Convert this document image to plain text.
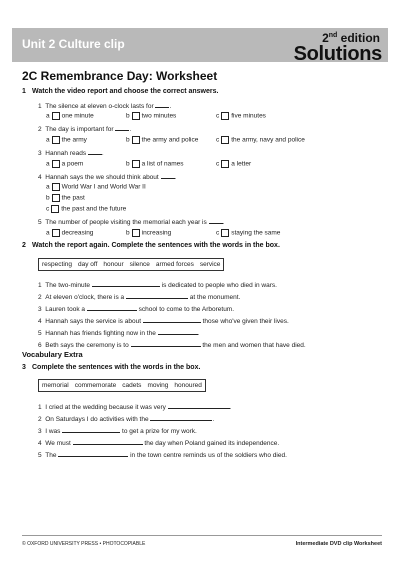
Unit 2 Culture clip	2nd edition
Solutions
2C Remembrance Day: Worksheet
1 Watch the video report and choose the correct answers.
1 The silence at eleven o-clock lasts for .
a one minute	b two minutes	c five minutes
2 The day is important for .
a the army	b the army and police	c the army, navy and police
3 Hannah reads .
a a poem	b a list of names	c a letter
4 Hannah says the we should think about .
a World War I and World War II
b the past
c the past and the future
5 The number of people visiting the memorial each year is .
a decreasing	b increasing	c staying the same
2 Watch the report again. Complete the sentences with the words in the box.
respecting day off honour silence armed forces service
1 The two-minute	is dedicated to people who died in wars.
2 At eleven o'clock, there is a	at the monument.
3 Lauren took a	school to come to the Arboretum.
4 Hannah says the service is about	those who've given their lives.
5 Hannah has friends fighting now in the	.
6 Beth says the ceremony is to	the men and women that have died.
Vocabulary Extra
3 Complete the sentences with the words in the box.
memorial commemorate cadets moving honoured
1 I cried at the wedding because it was very	.
2 On Saturdays I do activities with the	.
3 I was	to get a prize for my work.
4 We must	the day when Poland gained its independence.
5 The	in the town centre reminds us of the soldiers who died.
© OXFORD UNIVERSITY PRESS • PHOTOCOPIABLE	Intermediate DVD clip Worksheet
